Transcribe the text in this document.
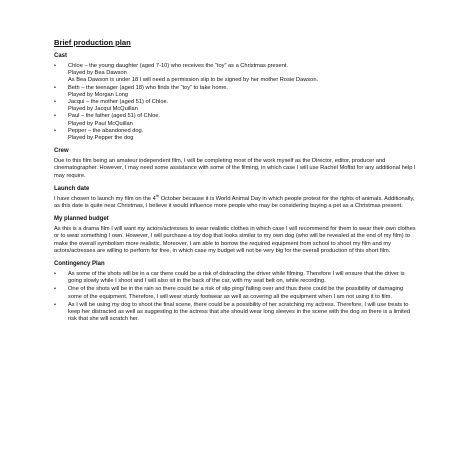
Brief production plan
Cast
• Chloe – the young daughter (aged 7-10) who receives the “toy” as a Christmas present.
Played by Bea Dawson
As Bea Dawson is under 18 I will need a permission slip to be signed by her mother Rosie Dawson.
• Beth – the teenager (aged 18) who finds the “toy” to take home.
Played by Morgan Long
• Jacqui – the mother (aged 51) of Chloe.
Played by Jacqui McQuillan
• Paul – the father (aged 51) of Chloe.
Played by Paul McQuillan
• Pepper – the abandoned dog.
Played by Pepper the dog
Crew

Due to this film being an amateur independent film, I will be completing most of the work myself as the Director, editor, producer and cinematographer. However, I may need some assistance with some of the filming, in which case I will use Rachel Moffat for any additional help I may require.

Launch date

I have chosen to launch my film on the 4th October because it is World Animal Day in which people protest for the rights of animals. Additionally, as this date is quite near Christmas, I believe it would influence more people who may be considering buying a pet as a Christmas present.

My planned budget

As this is a drama film I will want my actors/actresses to wear realistic clothes in which case I will recommend for them to wear their own clothes or to wear something I own. However, I will purchase a toy dog that looks similar to my own dog (who will be revealed at the end of my film) to make the overall symbolism more realistic. Moreover, I am able to borrow the required equipment from school to shoot my film and my actors/actresses are willing to perform for free, in which case my budget will not be very big for the overall production of this short film.

Contingency Plan
• As some of the shots will be in a car there could be a risk of distracting the driver while filming. Therefore I will ensure that the driver is going slowly while I shoot and I will also sit in the back of the car, with my seat belt on, while recording.
• One of the shots will be in the rain so there could be a risk of slip ping/ falling over and thus there could be the possibility of damaging some of the equipment. Therefore, I will wear sturdy footwear as well as covering all the equipment when I am not using it to film.
• As I will be using my dog to shoot the final scene, there could be a possibility of her scratching my actress. Therefore, I will use treats to keep her distracted as well as suggesting to the actress that she should wear long sleeves in the scene with the dog so there is a limited risk that she will scratch her.
